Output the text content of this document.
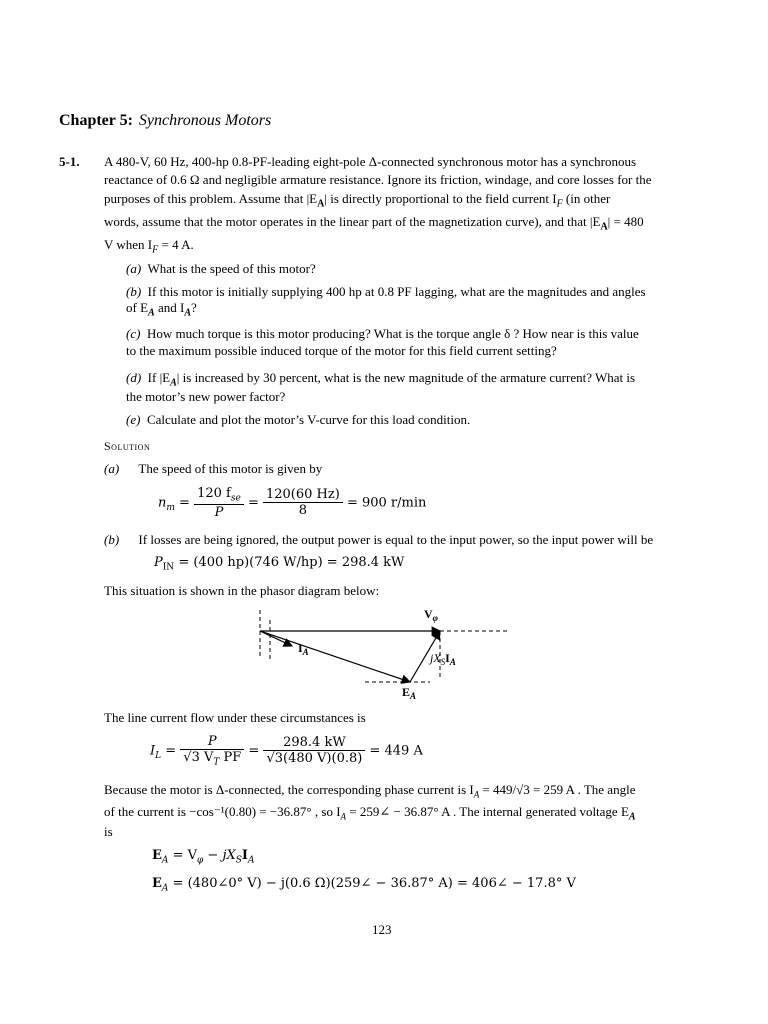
Chapter 5: Synchronous Motors
5-1. A 480-V, 60 Hz, 400-hp 0.8-PF-leading eight-pole Δ-connected synchronous motor has a synchronous
reactance of 0.6 Ω and negligible armature resistance. Ignore its friction, windage, and core losses for the
purposes of this problem. Assume that $|E_A|$ is directly proportional to the field current $I_F$ (in other
words, assume that the motor operates in the linear part of the magnetization curve), and that $|E_A| = 480$
V when $I_F = 4$ A.
(a) What is the speed of this motor?
(b) If this motor is initially supplying 400 hp at 0.8 PF lagging, what are the magnitudes and angles
of $E_A$ and $I_A$?
(c) How much torque is this motor producing? What is the torque angle δ ? How near is this value
to the maximum possible induced torque of the motor for this field current setting?
(d) If $|E_A|$ is increased by 30 percent, what is the new magnitude of the armature current? What is
the motor’s new power factor?
(e) Calculate and plot the motor’s V-curve for this load condition.
Solution
(a) The speed of this motor is given by
$n_m = \frac{120 f_{se}}{P} = \frac{120(60 Hz)}{8} = 900$ r/min
(b) If losses are being ignored, the output power is equal to the input power, so the input power will be
$P_{IN} = (400$ hp)(746 W/hp) = 298.4 kW
This situation is shown in the phasor diagram below:
$V_\varphi$
$I_A$	$jX_SI_A$
$E_A$
The line current flow under these circumstances is
$I_L = \frac{P}{√3 V_T PF} = \frac{298.4 kW}{√3(480 V)(0.8)} = 449$ A
Because the motor is Δ-connected, the corresponding phase current is $I_A = 449/√3 = 259$ A . The angle
of the current is −cos⁻¹(0.80) = −36.87° , so $I_A$ = 259∠ − 36.87° A . The internal generated voltage $E_A$
is
$E_A = V_\varphi - jX_SI_A$
$E_A$ = (480∠0° V) − j(0.6 Ω)(259∠ − 36.87° A) = 406∠ − 17.8° V
123
